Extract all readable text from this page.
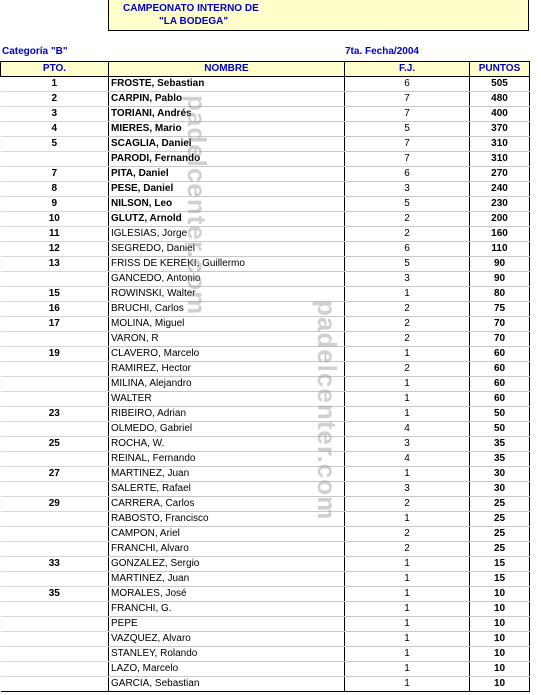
CAMPEONATO INTERNO DE
"LA BODEGA"
Categoría "B"	7ta. Fecha/2004
PTO.	NOMBRE	F.J.	PUNTOS
1	FROSTE, Sebastian	6	505
2	CARPIN, Pablo	7	480
3	TORIANI, Andrés	7	400
4	MIERES, Mario	5	370
5	SCAGLIA, Daniel	7	310
	PARODI, Fernando	7	310
7	PITA, Daniel	6	270
8	PESE, Daniel	3	240
9	NILSON, Leo	5	230
10	GLUTZ, Arnold	2	200
11	IGLESIAS, Jorge	2	160
12	SEGREDO, Daniel	6	110
13	FRISS DE KEREKI, Guillermo	5	90
	GANCEDO, Antonio	3	90
15	ROWINSKI, Walter	1	80
16	BRUCHI, Carlos	2	75
17	MOLINA, Miguel	2	70
	VARON, R	2	70
19	CLAVERO, Marcelo	1	60
	RAMIREZ, Hector	2	60
	MILINA, Alejandro	1	60
	WALTER	1	60
23	RIBEIRO, Adrian	1	50
	OLMEDO, Gabriel	4	50
25	ROCHA, W.	3	35
	REINAL, Fernando	4	35
27	MARTINEZ, Juan	1	30
	SALERTE, Rafael	3	30
29	CARRERA, Carlos	2	25
	RABOSTO, Francisco	1	25
	CAMPON, Ariel	2	25
	FRANCHI, Alvaro	2	25
33	GONZALEZ, Sergio	1	15
	MARTINEZ, Juan	1	15
35	MORALES, José	1	10
	FRANCHI, G.	1	10
	PEPE	1	10
	VAZQUEZ, Alvaro	1	10
	STANLEY, Rolando	1	10
	LAZO, Marcelo	1	10
	GARCIA, Sebastian	1	10
padelcenter.com
padelcenter.com
